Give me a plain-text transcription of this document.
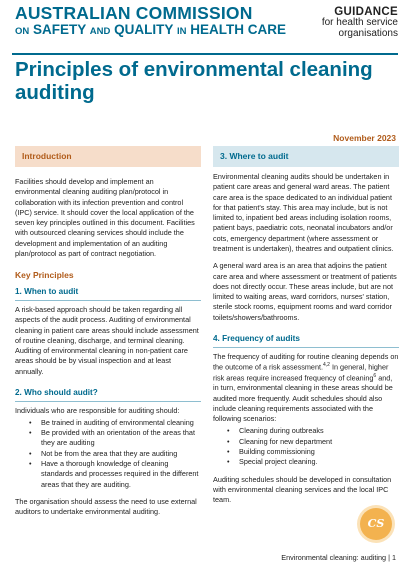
AUSTRALIAN COMMISSION
ON SAFETY AND QUALITY IN HEALTH CARE
GUIDANCE
for health service
organisations
Principles of environmental cleaning auditing
November 2023
Introduction

Facilities should develop and implement an environmental cleaning auditing plan/protocol in collaboration with its infection prevention and control (IPC) service. It should cover the local application of the seven key principles outlined in this document. Facilities with outsourced cleaning services should include the development and implementation of an auditing plan/protocol as part of contract negotiation.

Key Principles
1. When to audit

A risk-based approach should be taken regarding all aspects of the audit process. Auditing of environmental cleaning in patient care areas should include assessment of routine cleaning, discharge, and terminal cleaning. Auditing of environmental cleaning in non-patient care areas should be by visual inspection and at least annually.

2. Who should audit?

Individuals who are responsible for auditing should:

• Be trained in auditing of environmental cleaning
• Be provided with an orientation of the areas that they are auditing
• Not be from the area that they are auditing
• Have a thorough knowledge of cleaning standards and processes required in the different areas that they are auditing.

The organisation should assess the need to use external auditors to undertake environmental auditing.

3. Where to audit

Environmental cleaning audits should be undertaken in patient care areas and general ward areas. The patient care area is the space dedicated to an individual patient for that patient's stay. This area may include, but is not limited to, inpatient bed areas including isolation rooms, patient bays, paediatric cots, neonatal incubators and/or cots, emergency department (where assessment or treatment is undertaken), theatres and outpatient clinics.

A general ward area is an area that adjoins the patient care area and where assessment or treatment of patients does not directly occur. These areas include, but are not limited to waiting areas, ward corridors, nurses' station, sterile stock rooms, equipment rooms and ward corridor toilets/showers/bathrooms.

4. Frequency of audits

The frequency of auditing for routine cleaning depends on the outcome of a risk assessment.$^{4,2}$ In general, higher risk areas require increased frequency of cleaning$^6$ and, in turn, environmental cleaning in these areas should be audited more frequently. Audit schedules should also include cleaning requirements associated with the following scenarios:

• Cleaning during outbreaks
• Cleaning for new department
• Building commissioning
• Special project cleaning.

Auditing schedules should be developed in consultation with environmental cleaning services and the local IPC team.

CS
Environmental cleaning: auditing | 1
